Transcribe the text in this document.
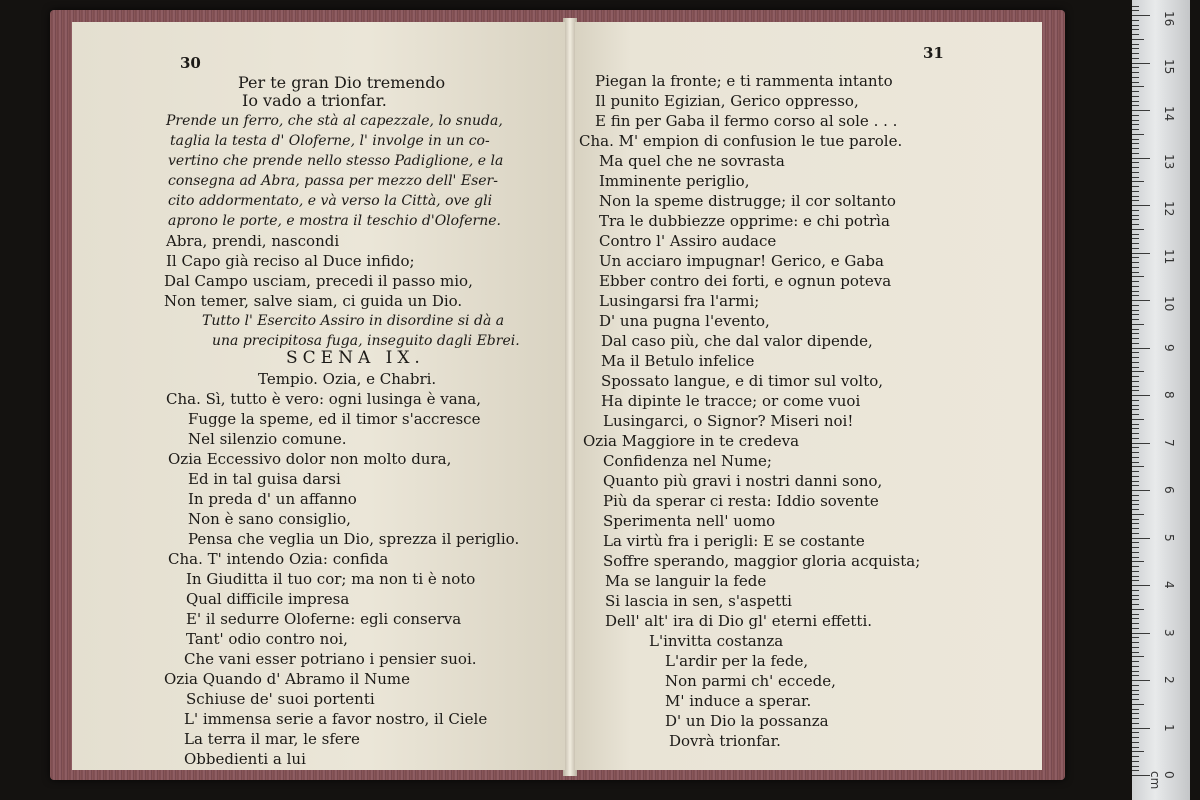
30
Per te gran Dio tremendo
Io vado a trionfar.
Prende un ferro, che stà al capezzale, lo snuda,
taglia la testa d' Oloferne, l' involge in un co-
vertino che prende nello stesso Padiglione, e la
consegna ad Abra, passa per mezzo dell' Eser-
cito addormentato, e và verso la Città, ove gli
aprono le porte, e mostra il teschio d'Oloferne.
Abra, prendi, nascondi
Il Capo già reciso al Duce infido;
Dal Campo usciam, precedi il passo mio,
Non temer, salve siam, ci guida un Dio.
Tutto l' Esercito Assiro in disordine si dà a
una precipitosa fuga, inseguito dagli Ebrei.
SCENA IX.
Tempio. Ozia, e Chabri.
Cha. Sì, tutto è vero: ogni lusinga è vana,
Fugge la speme, ed il timor s'accresce
Nel silenzio comune.
Ozia Eccessivo dolor non molto dura,
Ed in tal guisa darsi
In preda d' un affanno
Non è sano consiglio,
Pensa che veglia un Dio, sprezza il periglio.
Cha. T' intendo Ozia: confida
In Giuditta il tuo cor; ma non ti è noto
Qual difficile impresa
E' il sedurre Oloferne: egli conserva
Tant' odio contro noi,
Che vani esser potriano i pensier suoi.
Ozia Quando d' Abramo il Nume
Schiuse de' suoi portenti
L' immensa serie a favor nostro, il Ciele
La terra il mar, le sfere
Obbedienti a lui
31
Piegan la fronte; e ti rammenta intanto
Il punito Egizian, Gerico oppresso,
E fin per Gaba il fermo corso al sole . . .
Cha. M' empion di confusion le tue parole.
Ma quel che ne sovrasta
Imminente periglio,
Non la speme distrugge; il cor soltanto
Tra le dubbiezze opprime: e chi potrìa
Contro l' Assiro audace
Un acciaro impugnar! Gerico, e Gaba
Ebber contro dei forti, e ognun poteva
Lusingarsi fra l'armi;
D' una pugna l'evento,
Dal caso più, che dal valor dipende,
Ma il Betulo infelice
Spossato langue, e di timor sul volto,
Ha dipinte le tracce; or come vuoi
Lusingarci, o Signor? Miseri noi!
Ozia Maggiore in te credeva
Confidenza nel Nume;
Quanto più gravi i nostri danni sono,
Più da sperar ci resta: Iddio sovente
Sperimenta nell' uomo
La virtù fra i perigli: E se costante
Soffre sperando, maggior gloria acquista;
Ma se languir la fede
Si lascia in sen, s'aspetti
Dell' alt' ira di Dio gl' eterni effetti.
L'invitta costanza
L'ardir per la fede,
Non parmi ch' eccede,
M' induce a sperar.
D' un Dio la possanza
Dovrà trionfar.
0 cm
1
2
3
4
5
6
7
8
9
10
11
12
13
14
15
16
